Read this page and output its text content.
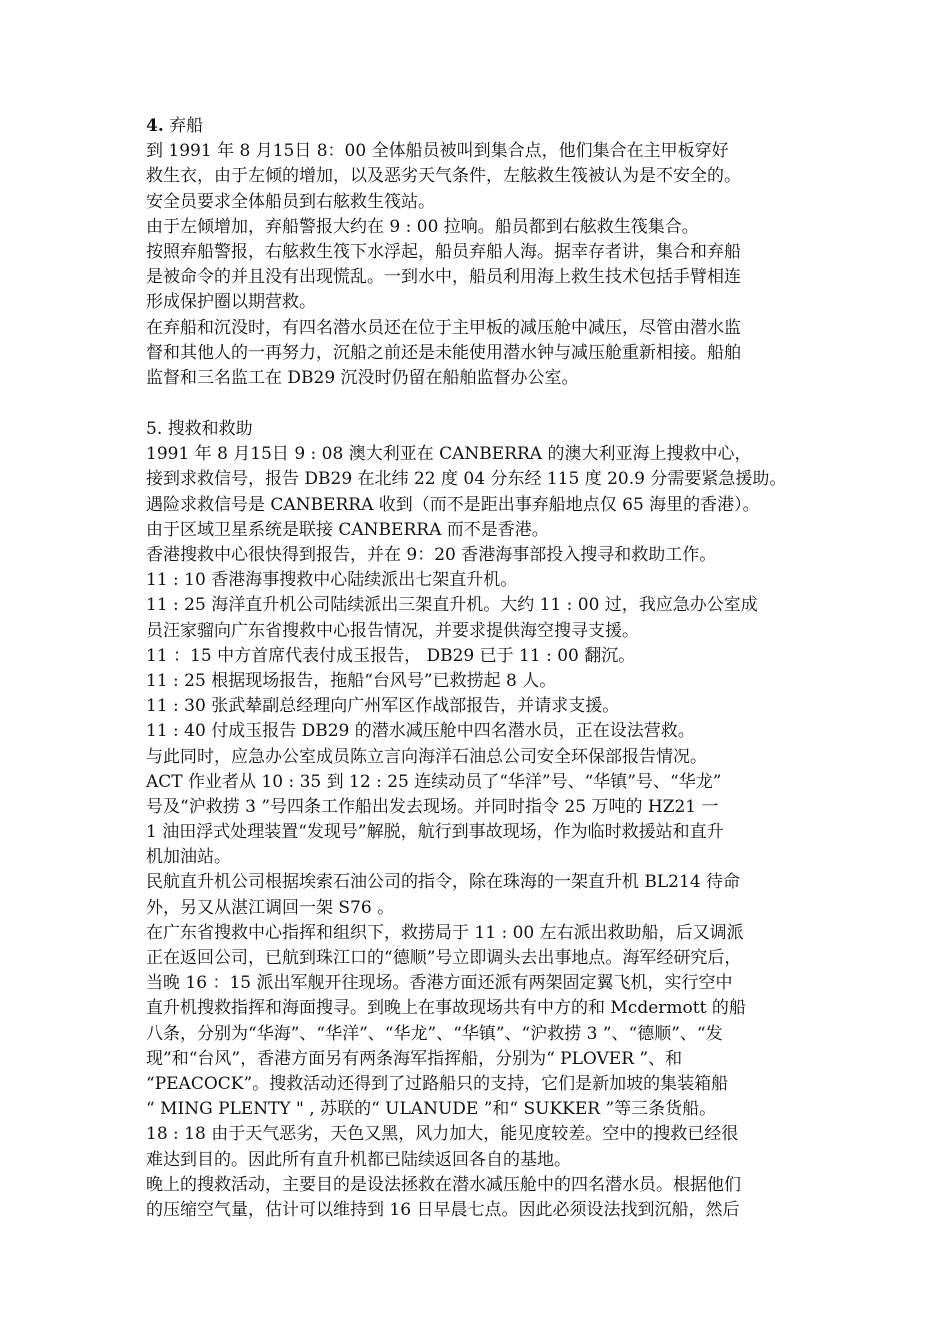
4. 弃船
到 1991 年 8 月15日 8：00 全体船员被叫到集合点，他们集合在主甲板穿好
救生衣，由于左倾的增加，以及恶劣天气条件，左舷救生筏被认为是不安全的。
安全员要求全体船员到右舷救生筏站。
由于左倾增加，弃船警报大约在 9 : 00 拉响。船员都到右舷救生筏集合。
按照弃船警报，右舷救生筏下水浮起，船员弃船人海。据幸存者讲，集合和弃船
是被命令的并且没有出现慌乱。一到水中，船员利用海上救生技术包括手臂相连
形成保护圈以期营救。
在弃船和沉没时，有四名潜水员还在位于主甲板的减压舱中减压，尽管由潜水监
督和其他人的一再努力，沉船之前还是未能使用潜水钟与减压舱重新相接。船舶
监督和三名监工在 DB29 沉没时仍留在船舶监督办公室。
5. 搜救和救助
1991 年 8 月15日 9 : 08 澳大利亚在 CANBERRA 的澳大利亚海上搜救中心，
接到求救信号，报告 DB29 在北纬 22 度 04 分东经 115 度 20.9 分需要紧急援助。
遇险求救信号是 CANBERRA 收到（而不是距出事弃船地点仅 65 海里的香港）。
由于区域卫星系统是联接 CANBERRA 而不是香港。
香港搜救中心很快得到报告，并在 9：20 香港海事部投入搜寻和救助工作。
11 : 10 香港海事搜救中心陆续派出七架直升机。
11 : 25 海洋直升机公司陆续派出三架直升机。大约 11 : 00 过，我应急办公室成
员汪家骝向广东省搜救中心报告情况，并要求提供海空搜寻支援。
11 ：15 中方首席代表付成玉报告， DB29 已于 11 : 00 翻沉。
11 : 25 根据现场报告，拖船“台风号”已救捞起 8 人。
11 : 30 张武辇副总经理向广州军区作战部报告，并请求支援。
11 : 40 付成玉报告 DB29 的潜水减压舱中四名潜水员，正在设法营救。
与此同时，应急办公室成员陈立言向海洋石油总公司安全环保部报告情况。
ACT 作业者从 10 : 35 到 12 : 25 连续动员了“华洋”号、“华镇”号、“华龙”
号及“沪救捞 3 ”号四条工作船出发去现场。并同时指令 25 万吨的 HZ21 一
1 油田浮式处理装置“发现号”解脱，航行到事故现场，作为临时救援站和直升
机加油站。
民航直升机公司根据埃索石油公司的指令，除在珠海的一架直升机 BL214 待命
外，另又从湛江调回一架 S76 。
在广东省搜救中心指挥和组织下，救捞局于 11 : 00 左右派出救助船，后又调派
正在返回公司，已航到珠江口的“德顺”号立即调头去出事地点。海军经研究后，
当晚 16 ：15 派出军舰开往现场。香港方面还派有两架固定翼飞机，实行空中
直升机搜救指挥和海面搜寻。到晚上在事故现场共有中方的和 Mcdermott 的船
八条，分别为“华海”、“华洋”、“华龙”、“华镇”、“沪救捞 3 ”、“德顺”、“发
现”和“台风”，香港方面另有两条海军指挥船，分别为“ PLOVER ”、和
“PEACOCK”。搜救活动还得到了过路船只的支持，它们是新加坡的集装箱船
“ MING PLENTY " , 苏联的“ ULANUDE ”和“ SUKKER ”等三条货船。
18 : 18 由于天气恶劣，天色又黑，风力加大，能见度较差。空中的搜救已经很
难达到目的。因此所有直升机都已陆续返回各自的基地。
晚上的搜救活动，主要目的是设法拯救在潜水减压舱中的四名潜水员。根据他们
的压缩空气量，估计可以维持到 16 日早晨七点。因此必须设法找到沉船，然后
